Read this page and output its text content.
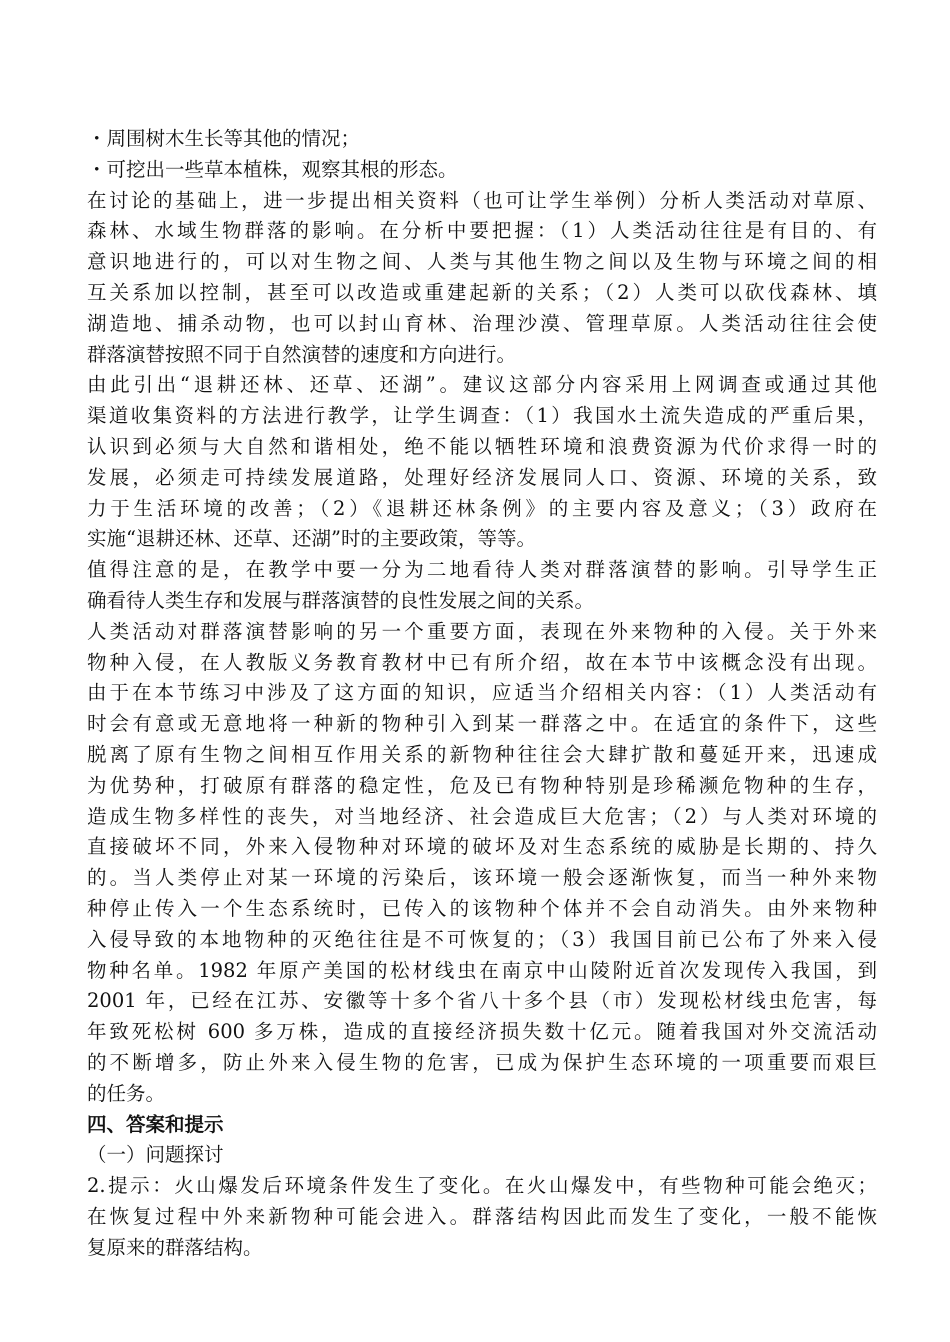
・周围树木生长等其他的情况；
・可挖出一些草本植株，观察其根的形态。
在讨论的基础上，进一步提出相关资料（也可让学生举例）分析人类活动对草原、
森林、水域生物群落的影响。在分析中要把握：（1）人类活动往往是有目的、有
意识地进行的，可以对生物之间、人类与其他生物之间以及生物与环境之间的相
互关系加以控制，甚至可以改造或重建起新的关系；（2）人类可以砍伐森林、填
湖造地、捕杀动物，也可以封山育林、治理沙漠、管理草原。人类活动往往会使
群落演替按照不同于自然演替的速度和方向进行。
由此引出“退耕还林、还草、还湖”。建议这部分内容采用上网调查或通过其他
渠道收集资料的方法进行教学，让学生调查：（1）我国水土流失造成的严重后果，
认识到必须与大自然和谐相处，绝不能以牺牲环境和浪费资源为代价求得一时的
发展，必须走可持续发展道路，处理好经济发展同人口、资源、环境的关系，致
力于生活环境的改善；（2）《退耕还林条例》的主要内容及意义；（3）政府在
实施“退耕还林、还草、还湖”时的主要政策，等等。
值得注意的是，在教学中要一分为二地看待人类对群落演替的影响。引导学生正
确看待人类生存和发展与群落演替的良性发展之间的关系。
人类活动对群落演替影响的另一个重要方面，表现在外来物种的入侵。关于外来
物种入侵，在人教版义务教育教材中已有所介绍，故在本节中该概念没有出现。
由于在本节练习中涉及了这方面的知识，应适当介绍相关内容：（1）人类活动有
时会有意或无意地将一种新的物种引入到某一群落之中。在适宜的条件下，这些
脱离了原有生物之间相互作用关系的新物种往往会大肆扩散和蔓延开来，迅速成
为优势种，打破原有群落的稳定性，危及已有物种特别是珍稀濒危物种的生存，
造成生物多样性的丧失，对当地经济、社会造成巨大危害；（2）与人类对环境的
直接破坏不同，外来入侵物种对环境的破坏及对生态系统的威胁是长期的、持久
的。当人类停止对某一环境的污染后，该环境一般会逐渐恢复，而当一种外来物
种停止传入一个生态系统时，已传入的该物种个体并不会自动消失。由外来物种
入侵导致的本地物种的灭绝往往是不可恢复的；（3）我国目前已公布了外来入侵
物种名单。1982 年原产美国的松材线虫在南京中山陵附近首次发现传入我国，到
2001 年，已经在江苏、安徽等十多个省八十多个县（市）发现松材线虫危害，每
年致死松树 600 多万株，造成的直接经济损失数十亿元。随着我国对外交流活动
的不断增多，防止外来入侵生物的危害，已成为保护生态环境的一项重要而艰巨
的任务。
四、答案和提示
（一）问题探讨
2.提示：火山爆发后环境条件发生了变化。在火山爆发中，有些物种可能会绝灭；
在恢复过程中外来新物种可能会进入。群落结构因此而发生了变化，一般不能恢
复原来的群落结构。
